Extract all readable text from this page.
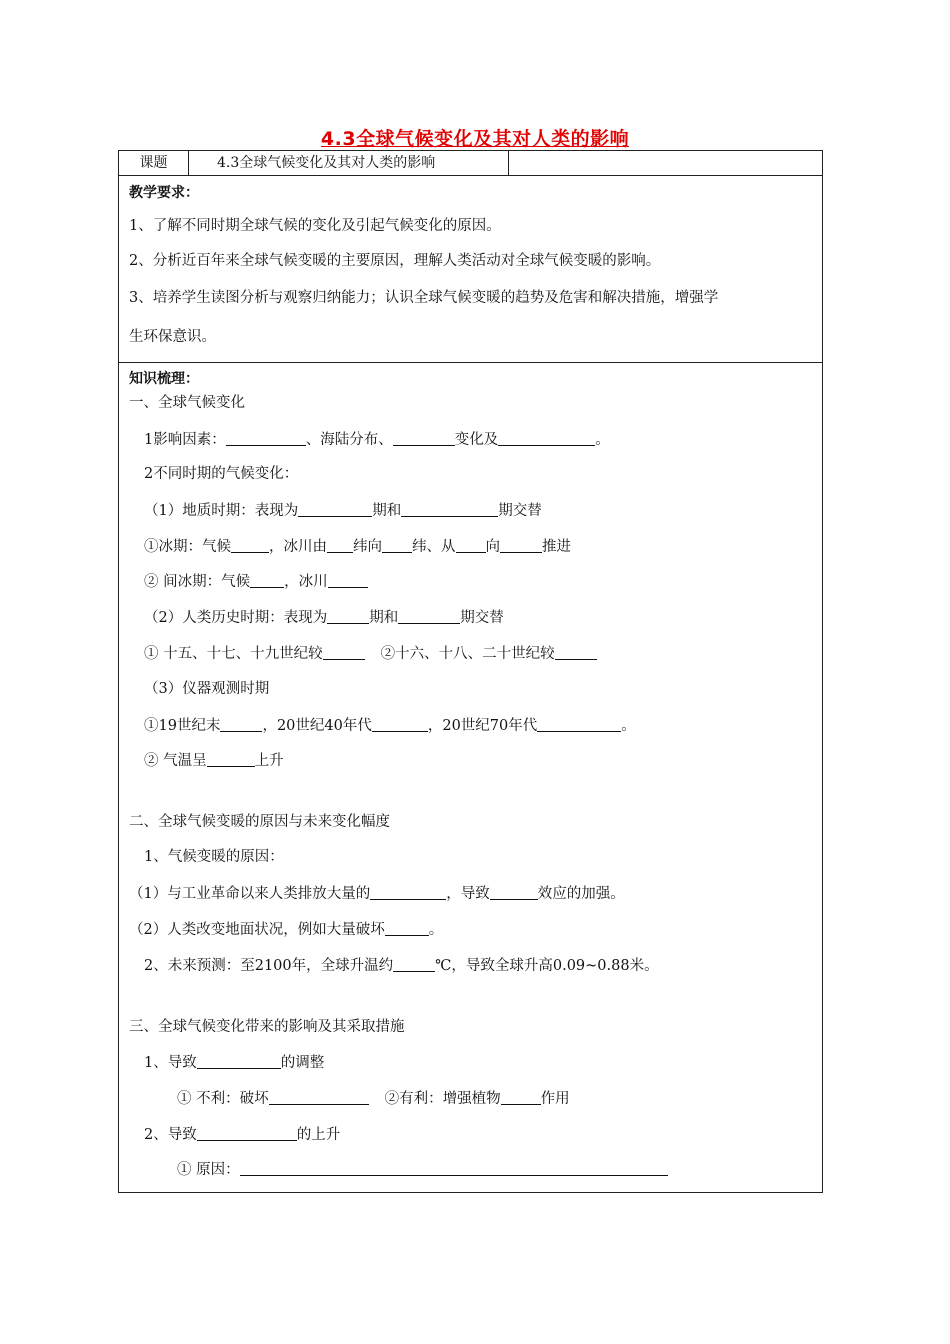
4.3全球气候变化及其对人类的影响
课题	4.3全球气候变化及其对人类的影响
教学要求：
1、了解不同时期全球气候的变化及引起气候变化的原因。
2、分析近百年来全球气候变暖的主要原因，理解人类活动对全球气候变暖的影响。
3、培养学生读图分析与观察归纳能力；认识全球气候变暖的趋势及危害和解决措施，增强学
生环保意识。
知识梳理：
一、全球气候变化
1影响因素：	、海陆分布、	变化及	。
2不同时期的气候变化：
（1）地质时期：表现为	期和	期交替
①冰期：气候	，冰川由 纬向 纬、从 向	推进
② 间冰期：气候 ，冰川
（2）人类历史时期：表现为	期和	期交替
① 十五、十七、十九世纪较	②十六、十八、二十世纪较
（3）仪器观测时期
①19世纪末	，20世纪40年代	，20世纪70年代	。
② 气温呈	上升
二、全球气候变暖的原因与未来变化幅度
1、气候变暖的原因：
（1）与工业革命以来人类排放大量的	，导致	效应的加强。
（2）人类改变地面状况，例如大量破坏	。
2、未来预测：至2100年，全球升温约	℃，导致全球升高0.09~0.88米。
三、全球气候变化带来的影响及其采取措施
1、导致	的调整
① 不利：破坏	②有利：增强植物	作用
2、导致	的上升
① 原因：
